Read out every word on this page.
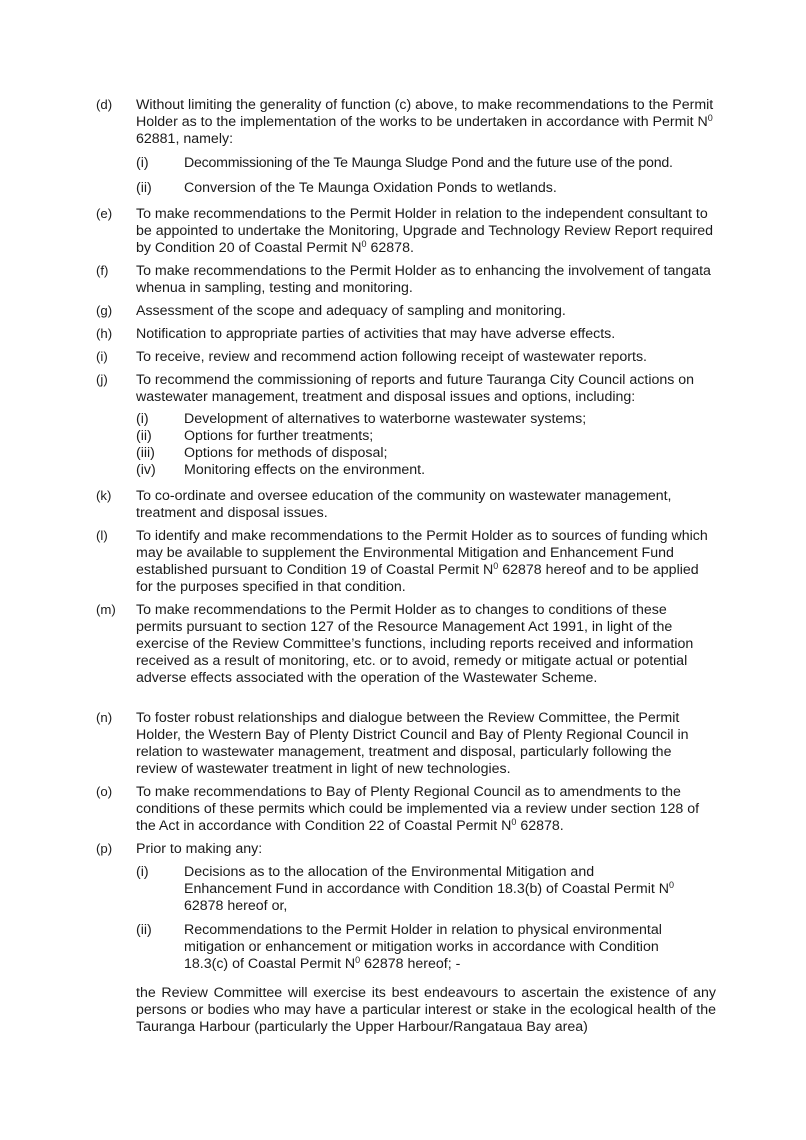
(d)	Without limiting the generality of function (c) above, to make recommendations to the Permit Holder as to the implementation of the works to be undertaken in accordance with Permit $N^0$ 62881, namely:
(i)	Decommissioning of the Te Maunga Sludge Pond and the future use of the pond.
(ii)	Conversion of the Te Maunga Oxidation Ponds to wetlands.
(e)	To make recommendations to the Permit Holder in relation to the independent consultant to be appointed to undertake the Monitoring, Upgrade and Technology Review Report required by Condition 20 of Coastal Permit $N^0$ 62878.
(f)	To make recommendations to the Permit Holder as to enhancing the involvement of tangata whenua in sampling, testing and monitoring.
(g)	Assessment of the scope and adequacy of sampling and monitoring.
(h)	Notification to appropriate parties of activities that may have adverse effects.
(i)	To receive, review and recommend action following receipt of wastewater reports.
(j)	To recommend the commissioning of reports and future Tauranga City Council actions on wastewater management, treatment and disposal issues and options, including:
(i)	Development of alternatives to waterborne wastewater systems;
(ii)	Options for further treatments;
(iii)	Options for methods of disposal;
(iv)	Monitoring effects on the environment.
(k)	To co-ordinate and oversee education of the community on wastewater management, treatment and disposal issues.
(l)	To identify and make recommendations to the Permit Holder as to sources of funding which may be available to supplement the Environmental Mitigation and Enhancement Fund established pursuant to Condition 19 of Coastal Permit $N^0$ 62878 hereof and to be applied for the purposes specified in that condition.
(m)	To make recommendations to the Permit Holder as to changes to conditions of these permits pursuant to section 127 of the Resource Management Act 1991, in light of the exercise of the Review Committee’s functions, including reports received and information received as a result of monitoring, etc. or to avoid, remedy or mitigate actual or potential adverse effects associated with the operation of the Wastewater Scheme.
(n)	To foster robust relationships and dialogue between the Review Committee, the Permit Holder, the Western Bay of Plenty District Council and Bay of Plenty Regional Council in relation to wastewater management, treatment and disposal, particularly following the review of wastewater treatment in light of new technologies.
(o)	To make recommendations to Bay of Plenty Regional Council as to amendments to the conditions of these permits which could be implemented via a review under section 128 of the Act in accordance with Condition 22 of Coastal Permit $N^0$ 62878.
(p)	Prior to making any:
(i)	Decisions as to the allocation of the Environmental Mitigation and Enhancement Fund in accordance with Condition 18.3(b) of Coastal Permit $N^0$ 62878 hereof or,
(ii)	Recommendations to the Permit Holder in relation to physical environmental mitigation or enhancement or mitigation works in accordance with Condition 18.3(c) of Coastal Permit $N^0$ 62878 hereof; -
the Review Committee will exercise its best endeavours to ascertain the existence of any persons or bodies who may have a particular interest or stake in the ecological health of the Tauranga Harbour (particularly the Upper Harbour/Rangataua Bay area)
